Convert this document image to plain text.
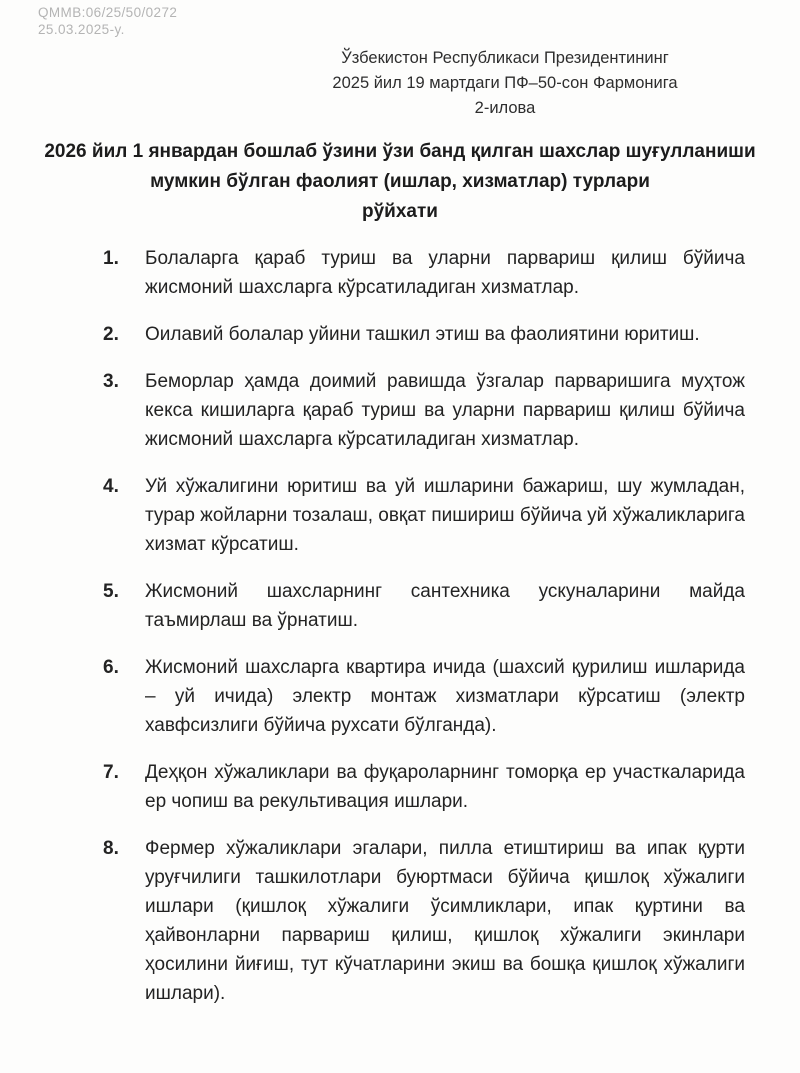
QMMB:06/25/50/0272
25.03.2025-y.
Ўзбекистон Республикаси Президентининг
2025 йил 19 мартдаги ПФ–50-сон Фармонига
2-илова
2026 йил 1 январдан бошлаб ўзини ўзи банд қилган шахслар шуғулланиши
мумкин бўлган фаолият (ишлар, хизматлар) турлари
рўйхати
1.	Болаларга қараб туриш ва уларни парвариш қилиш бўйича жисмоний шахсларга кўрсатиладиган хизматлар.
2.	Оилавий болалар уйини ташкил этиш ва фаолиятини юритиш.
3.	Беморлар ҳамда доимий равишда ўзгалар парваришига муҳтож кекса кишиларга қараб туриш ва уларни парвариш қилиш бўйича жисмоний шахсларга кўрсатиладиган хизматлар.
4.	Уй хўжалигини юритиш ва уй ишларини бажариш, шу жумладан, турар жойларни тозалаш, овқат пишириш бўйича уй хўжаликларига хизмат кўрсатиш.
5.	Жисмоний шахсларнинг сантехника ускуналарини майда таъмирлаш ва ўрнатиш.
6.	Жисмоний шахсларга квартира ичида (шахсий қурилиш ишларида – уй ичида) электр монтаж хизматлари кўрсатиш (электр хавфсизлиги бўйича рухсати бўлганда).
7.	Деҳқон хўжаликлари ва фуқароларнинг томорқа ер участкаларида ер чопиш ва рекультивация ишлари.
8.	Фермер хўжаликлари эгалари, пилла етиштириш ва ипак қурти уруғчилиги ташкилотлари буюртмаси бўйича қишлоқ хўжалиги ишлари (қишлоқ хўжалиги ўсимликлари, ипак қуртини ва ҳайвонларни парвариш қилиш, қишлоқ хўжалиги экинлари ҳосилини йиғиш, тут кўчатларини экиш ва бошқа қишлоқ хўжалиги ишлари).
